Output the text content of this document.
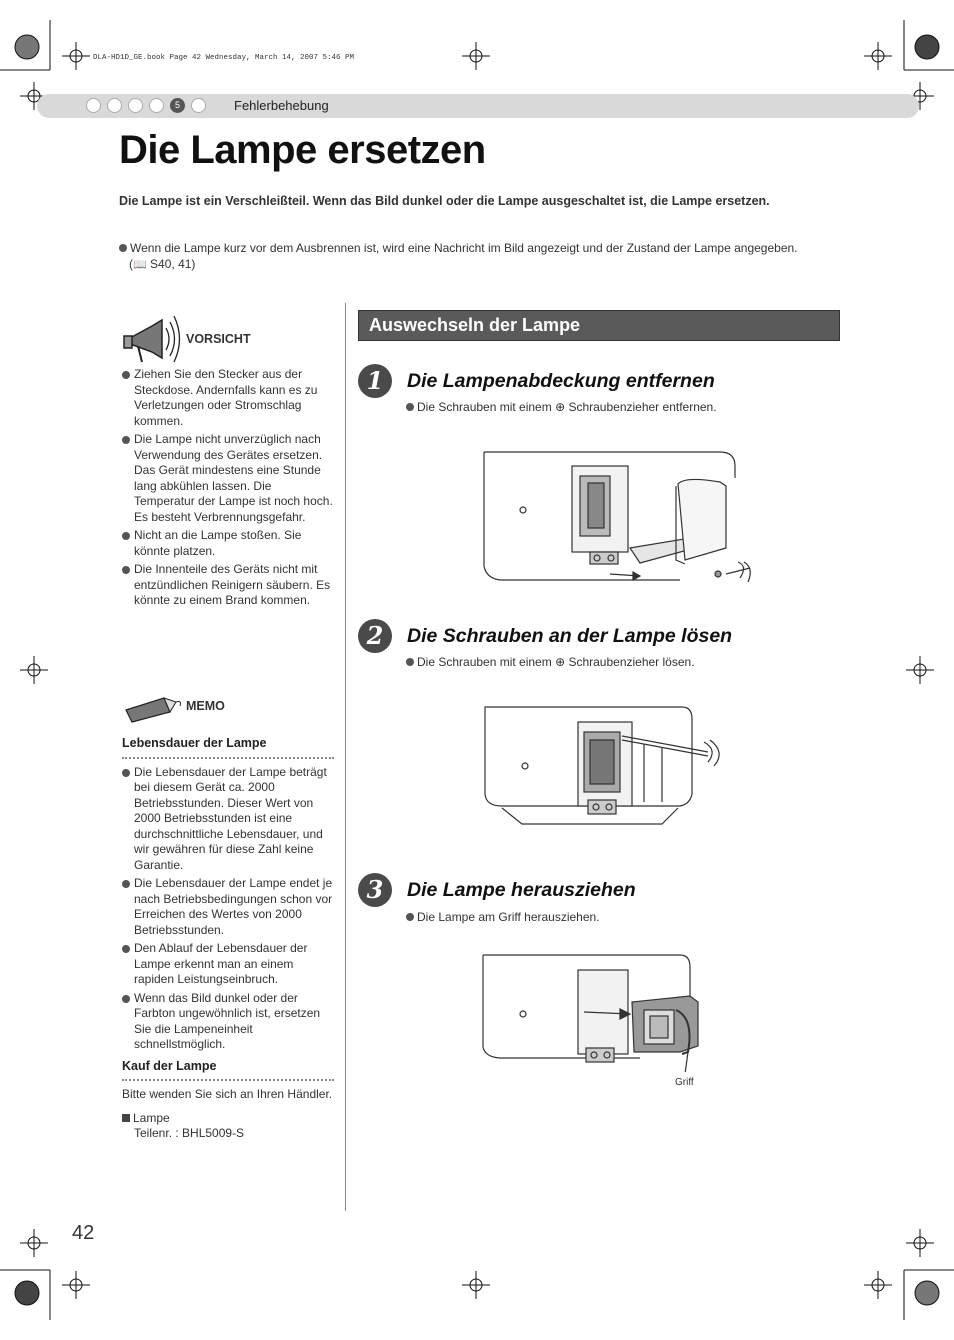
DLA-HD1D_GE.book Page 42 Wednesday, March 14, 2007 5:46 PM
5	Fehlerbehebung
Die Lampe ersetzen
Die Lampe ist ein Verschleißteil. Wenn das Bild dunkel oder die Lampe ausgeschaltet ist, die Lampe ersetzen.
Wenn die Lampe kurz vor dem Ausbrennen ist, wird eine Nachricht im Bild angezeigt und der Zustand der Lampe angegeben.
(📖 S40, 41)
VORSICHT
Ziehen Sie den Stecker aus der Steckdose. Andernfalls kann es zu Verletzungen oder Stromschlag kommen.
Die Lampe nicht unverzüglich nach Verwendung des Gerätes ersetzen. Das Gerät mindestens eine Stunde lang abkühlen lassen. Die Temperatur der Lampe ist noch hoch. Es besteht Verbrennungsgefahr.
Nicht an die Lampe stoßen. Sie könnte platzen.
Die Innenteile des Geräts nicht mit entzündlichen Reinigern säubern. Es könnte zu einem Brand kommen.
MEMO
Lebensdauer der Lampe
Die Lebensdauer der Lampe beträgt bei diesem Gerät ca. 2000 Betriebsstunden. Dieser Wert von 2000 Betriebsstunden ist eine durchschnittliche Lebensdauer, und wir gewähren für diese Zahl keine Garantie.
Die Lebensdauer der Lampe endet je nach Betriebsbedingungen schon vor Erreichen des Wertes von 2000 Betriebsstunden.
Den Ablauf der Lebensdauer der Lampe erkennt man an einem rapiden Leistungseinbruch.
Wenn das Bild dunkel oder der Farbton ungewöhnlich ist, ersetzen Sie die Lampeneinheit schnellstmöglich.
Kauf der Lampe
Bitte wenden Sie sich an Ihren Händler.
Lampe
Teilenr. : BHL5009-S
Auswechseln der Lampe
1	Die Lampenabdeckung entfernen
Die Schrauben mit einem ⊕ Schraubenzieher entfernen.
2	Die Schrauben an der Lampe lösen
Die Schrauben mit einem ⊕ Schraubenzieher lösen.
3	Die Lampe herausziehen
Die Lampe am Griff herausziehen.
Griff
42
